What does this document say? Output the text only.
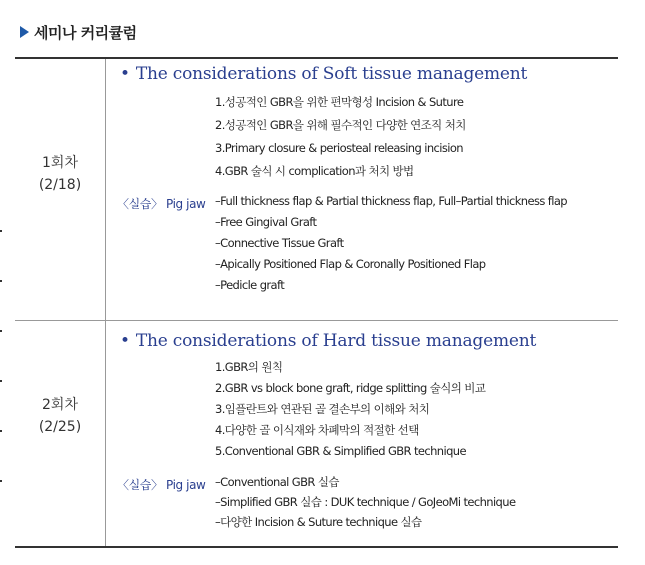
세미나 커리큘럼
1회차
(2/18)
• The considerations of Soft tissue management
1.성공적인 GBR을 위한 편막형성 Incision & Suture
2.성공적인 GBR을 위해 필수적인 다양한 연조직 처치
3.Primary closure & periosteal releasing incision
4.GBR 술식 시 complication과 처치 방법
〈실습〉 Pig jaw –Full thickness flap & Partial thickness flap, Full–Partial thickness flap
–Free Gingival Graft
–Connective Tissue Graft
–Apically Positioned Flap & Coronally Positioned Flap
–Pedicle graft
2회차
(2/25)
• The considerations of Hard tissue management
1.GBR의 원칙
2.GBR vs block bone graft, ridge splitting 술식의 비교
3.임플란트와 연관된 골 결손부의 이해와 처치
4.다양한 골 이식재와 차폐막의 적절한 선택
5.Conventional GBR & Simplified GBR technique
〈실습〉 Pig jaw –Conventional GBR 실습
–Simplified GBR 실습 : DUK technique / GoJeoMi technique
–다양한 Incision & Suture technique 실습
